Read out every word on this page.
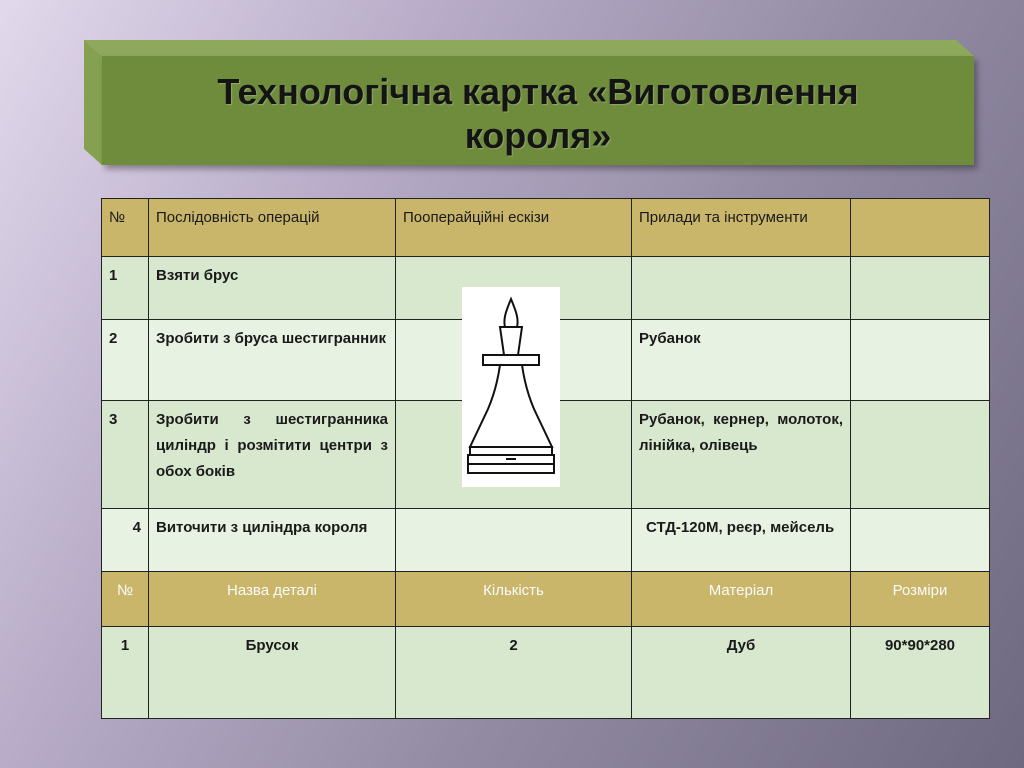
Технологічна картка «Виготовлення
короля»
№	Послідовність операцій	Пооперайційні ескізи	Прилади та інструменти	
1	Взяти брус			
2	Зробити з бруса шестигранник		Рубанок	
3	Зробити з шестигранника циліндр і розмітити центри з обох боків		Рубанок, кернер, молоток, лінійка, олівець	
4	Виточити з циліндра короля		СТД-120М, реєр, мейсель	
№	Назва деталі	Кількість	Матеріал	Розміри
1	Брусок	2	Дуб	90*90*280
